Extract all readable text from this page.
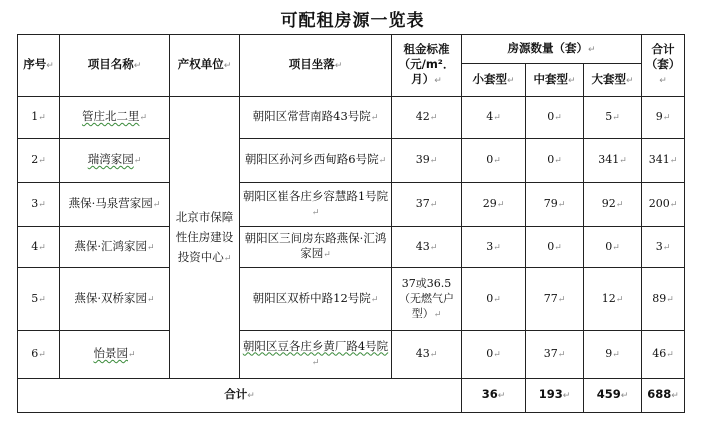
可配租房源一览表
序号↵	项目名称↵	产权单位↵	项目坐落↵	租金标准（元/m²．月）↵	房源数量（套）↵			合计（套）↵
					小套型↵	中套型↵	大套型↵	
1↵	管庄北二里↵	北京市保障性住房建设投资中心↵	朝阳区常营南路43号院↵	42↵	4↵	0↵	5↵	9↵
2↵	瑞湾家园↵		朝阳区孙河乡西甸路6号院↵	39↵	0↵	0↵	341↵	341↵
3↵	燕保·马泉营家园↵		朝阳区崔各庄乡容慧路1号院↵	37↵	29↵	79↵	92↵	200↵
4↵	燕保·汇鸿家园↵		朝阳区三间房东路燕保·汇鸿家园↵	43↵	3↵	0↵	0↵	3↵
5↵	燕保·双桥家园↵		朝阳区双桥中路12号院↵	37或36.5（无燃气户型）↵	0↵	77↵	12↵	89↵
6↵	怡景园↵		朝阳区豆各庄乡黄厂路4号院↵	43↵	0↵	37↵	9↵	46↵
合计↵					36↵	193↵	459↵	688↵
